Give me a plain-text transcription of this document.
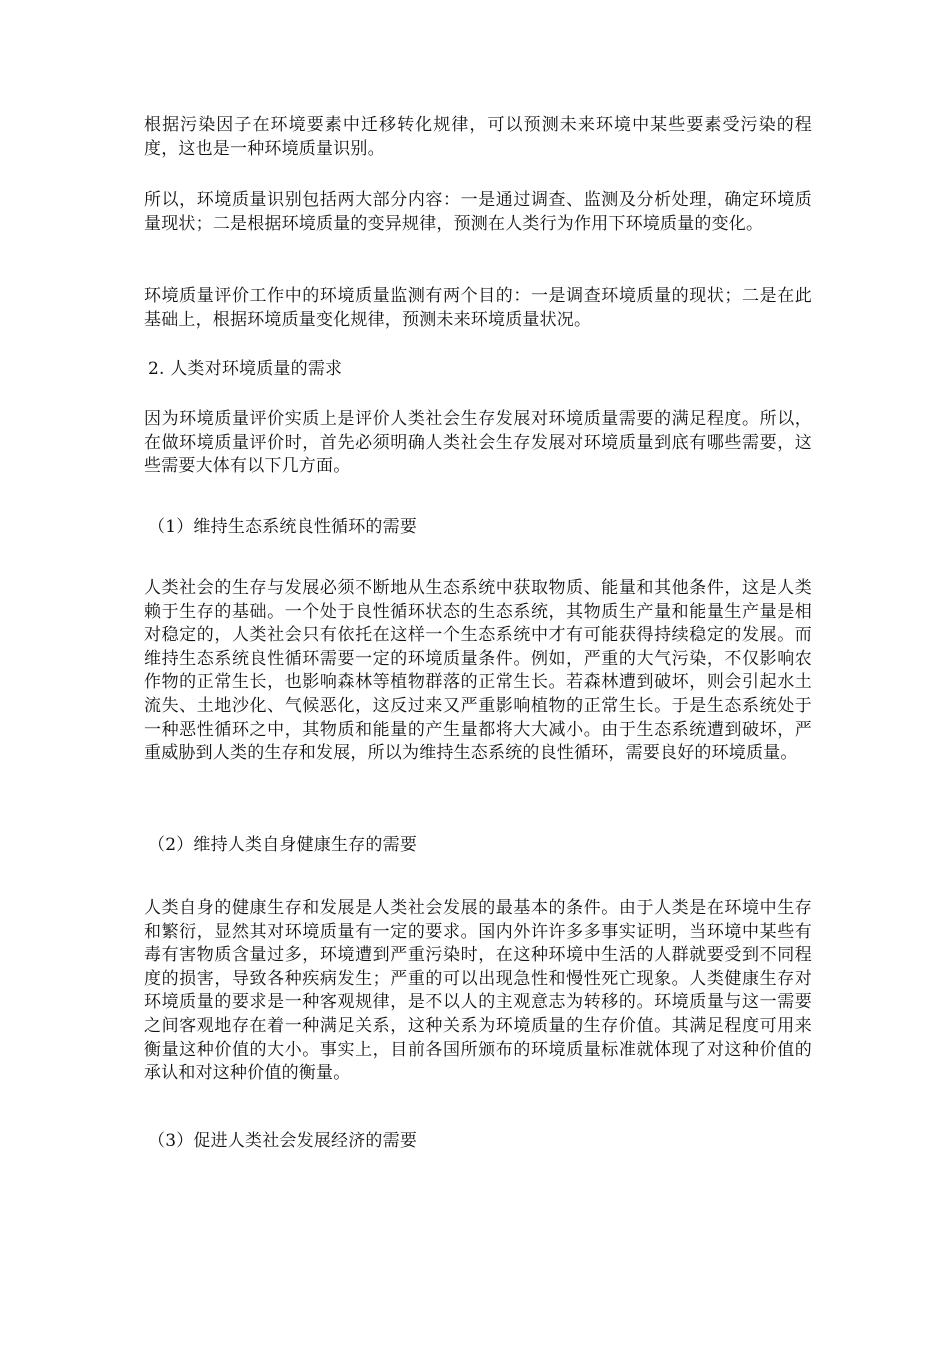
根据污染因子在环境要素中迁移转化规律，可以预测未来环境中某些要素受污染的程度，这也是一种环境质量识别。

所以，环境质量识别包括两大部分内容：一是通过调查、监测及分析处理，确定环境质量现状；二是根据环境质量的变异规律，预测在人类行为作用下环境质量的变化。

环境质量评价工作中的环境质量监测有两个目的：一是调查环境质量的现状；二是在此基础上，根据环境质量变化规律，预测未来环境质量状况。

2. 人类对环境质量的需求

因为环境质量评价实质上是评价人类社会生存发展对环境质量需要的满足程度。所以，在做环境质量评价时，首先必须明确人类社会生存发展对环境质量到底有哪些需要，这些需要大体有以下几方面。

（1）维持生态系统良性循环的需要

人类社会的生存与发展必须不断地从生态系统中获取物质、能量和其他条件，这是人类赖于生存的基础。一个处于良性循环状态的生态系统，其物质生产量和能量生产量是相对稳定的，人类社会只有依托在这样一个生态系统中才有可能获得持续稳定的发展。而维持生态系统良性循环需要一定的环境质量条件。例如，严重的大气污染，不仅影响农作物的正常生长，也影响森林等植物群落的正常生长。若森林遭到破坏，则会引起水土流失、土地沙化、气候恶化，这反过来又严重影响植物的正常生长。于是生态系统处于一种恶性循环之中，其物质和能量的产生量都将大大减小。由于生态系统遭到破坏，严重威胁到人类的生存和发展，所以为维持生态系统的良性循环，需要良好的环境质量。

（2）维持人类自身健康生存的需要

人类自身的健康生存和发展是人类社会发展的最基本的条件。由于人类是在环境中生存和繁衍，显然其对环境质量有一定的要求。国内外许许多多事实证明，当环境中某些有毒有害物质含量过多，环境遭到严重污染时，在这种环境中生活的人群就要受到不同程度的损害，导致各种疾病发生；严重的可以出现急性和慢性死亡现象。人类健康生存对环境质量的要求是一种客观规律，是不以人的主观意志为转移的。环境质量与这一需要之间客观地存在着一种满足关系，这种关系为环境质量的生存价值。其满足程度可用来衡量这种价值的大小。事实上，目前各国所颁布的环境质量标准就体现了对这种价值的承认和对这种价值的衡量。

（3）促进人类社会发展经济的需要
